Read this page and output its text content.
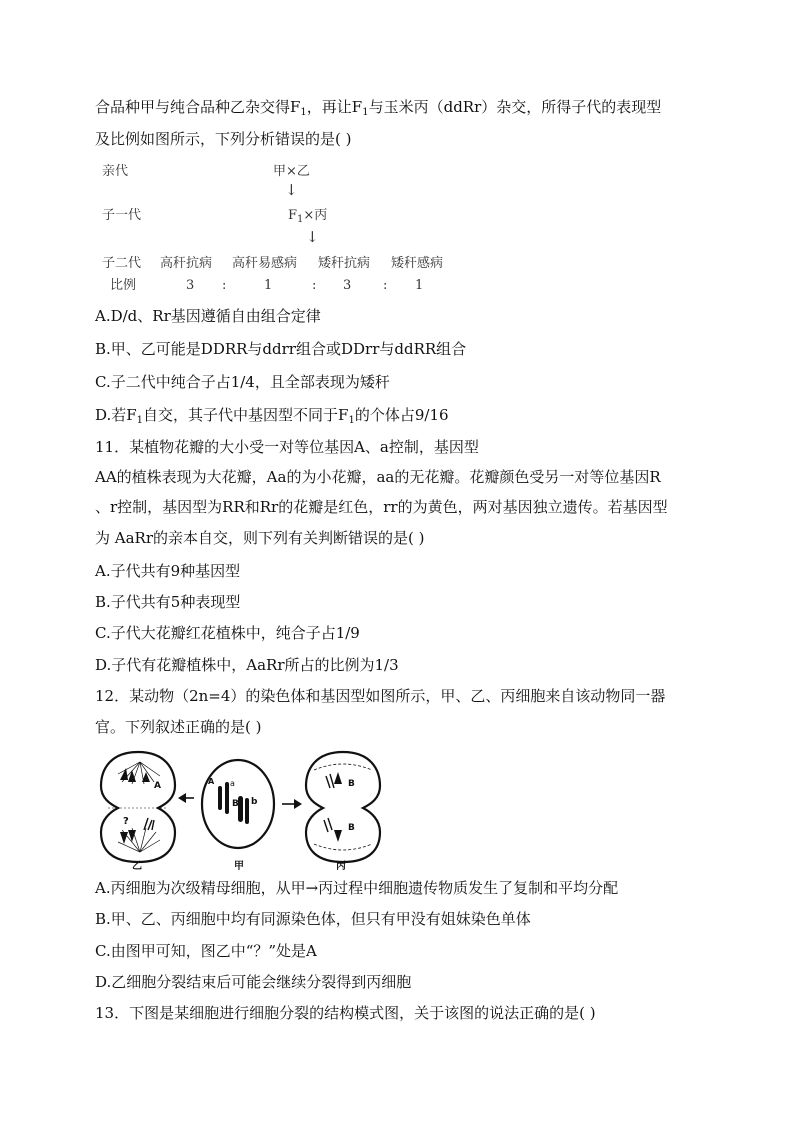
合品种甲与纯合品种乙杂交得$F_1$，再让$F_1$与玉米丙（ddRr）杂交，所得子代的表现型
及比例如图所示，下列分析错误的是( )
亲代	甲×乙
↓
子一代	$F_1\times$丙
↓
子二代 高秆抗病 高秆易感病 矮秆抗病 矮秆感病
比例	3 :	1	: 3 : 1
A.D/d、Rr基因遵循自由组合定律
B.甲、乙可能是DDRR与ddrr组合或DDrr与ddRR组合
C.子二代中纯合子占1/4，且全部表现为矮秆
D.若$F_1$自交，其子代中基因型不同于$F_1$的个体占9/16
11．某植物花瓣的大小受一对等位基因A、a控制，基因型
AA的植株表现为大花瓣，Aa的为小花瓣，aa的无花瓣。花瓣颜色受另一对等位基因R
、r控制，基因型为RR和Rr的花瓣是红色，rr的为黄色，两对基因独立遗传。若基因型
为 AaRr的亲本自交，则下列有关判断错误的是( )
A.子代共有9种基因型
B.子代共有5种表现型
C.子代大花瓣红花植株中，纯合子占1/9
D.子代有花瓣植株中，AaRr所占的比例为1/3
12．某动物（2n=4）的染色体和基因型如图所示，甲、乙、丙细胞来自该动物同一器
官。下列叙述正确的是( )
A
?
A a
B b
B
B
乙	甲	丙
A.丙细胞为次级精母细胞，从甲→丙过程中细胞遗传物质发生了复制和平均分配
B.甲、乙、丙细胞中均有同源染色体，但只有甲没有姐妹染色单体
C.由图甲可知，图乙中“？”处是A
D.乙细胞分裂结束后可能会继续分裂得到丙细胞
13．下图是某细胞进行细胞分裂的结构模式图，关于该图的说法正确的是( )
